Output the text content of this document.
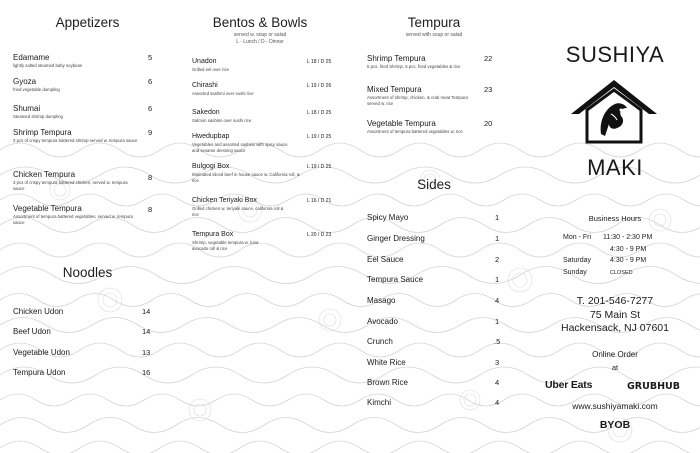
Appetizers
Edamame
lightly salted steamed baby soybean
5
Gyoza
fried vegetable dumpling
6
Shumai
Steamed shrimp dumpling
6
Shrimp Tempura
3 pcs of crispy tempura battered shrimp served w. tempura sauce
9
Chicken Tempura
3 pcs of crispy tempura battered chicken, served w. tempura sauce
8
Vegetable Tempura
Assortment of tempura battered vegetables, served w. tempura sauce
8
Noodles
Chicken Udon	14
Beef Udon	14
Vegetable Udon	13
Tempura Udon	16
Bentos & Bowls
served w. soup or salad
L - Lunch / D - Dinner
Unadon
Grilled eel over rice
L 18 / D 25
Chirashi
Assorted sashimi over sushi rice
L 19 / D 26
Sakedon
Salmon sashimi over sushi rice
L 18 / D 25
Hwedupbap
Vegetables and assorted sashimi with spicy sauce and sesame dressing sauce
L 19 / D 25
Bulgogi Box
Marinated sliced beef in house sauce w. California roll, & rice
L 19 / D 25
Chicken Teriyaki Box
Grilled chicken w. teriyaki sauce, california roll & rice
L 16 / D 21
Tempura Box
Shrimp, vegetable tempura w. tuna avocado roll & rice
L 20 / D 23
Tempura
served with soup or salad
Shrimp Tempura
5 pcs. fried Shrimp, 5 pcs. fried vegetables & rice
22
Mixed Tempura
Assortment of shrimp, chicken, & crab meat Tempura served w. rice
23
Vegetable Tempura
Assortment of tempura battered vegetables w. rice
20
Sides
Spicy Mayo	1
Ginger Dressing	1
Eel Sauce	2
Tempura Sauce	1
Masago	4
Avocado	1
Crunch	.5
White Rice	3
Brown Rice	4
Kimchi	4
SUSHIYA
MAKI
Business Hours
Mon - Fri 11:30 - 2:30 PM
4:30 - 9 PM
Saturday	4:30 - 9 PM
Sunday	CLOSED
T. 201-546-7277
75 Main St
Hackensack, NJ 07601
Online Order
at
Uber Eats	GRUBHUB
www.sushiyamaki.com
BYOB
